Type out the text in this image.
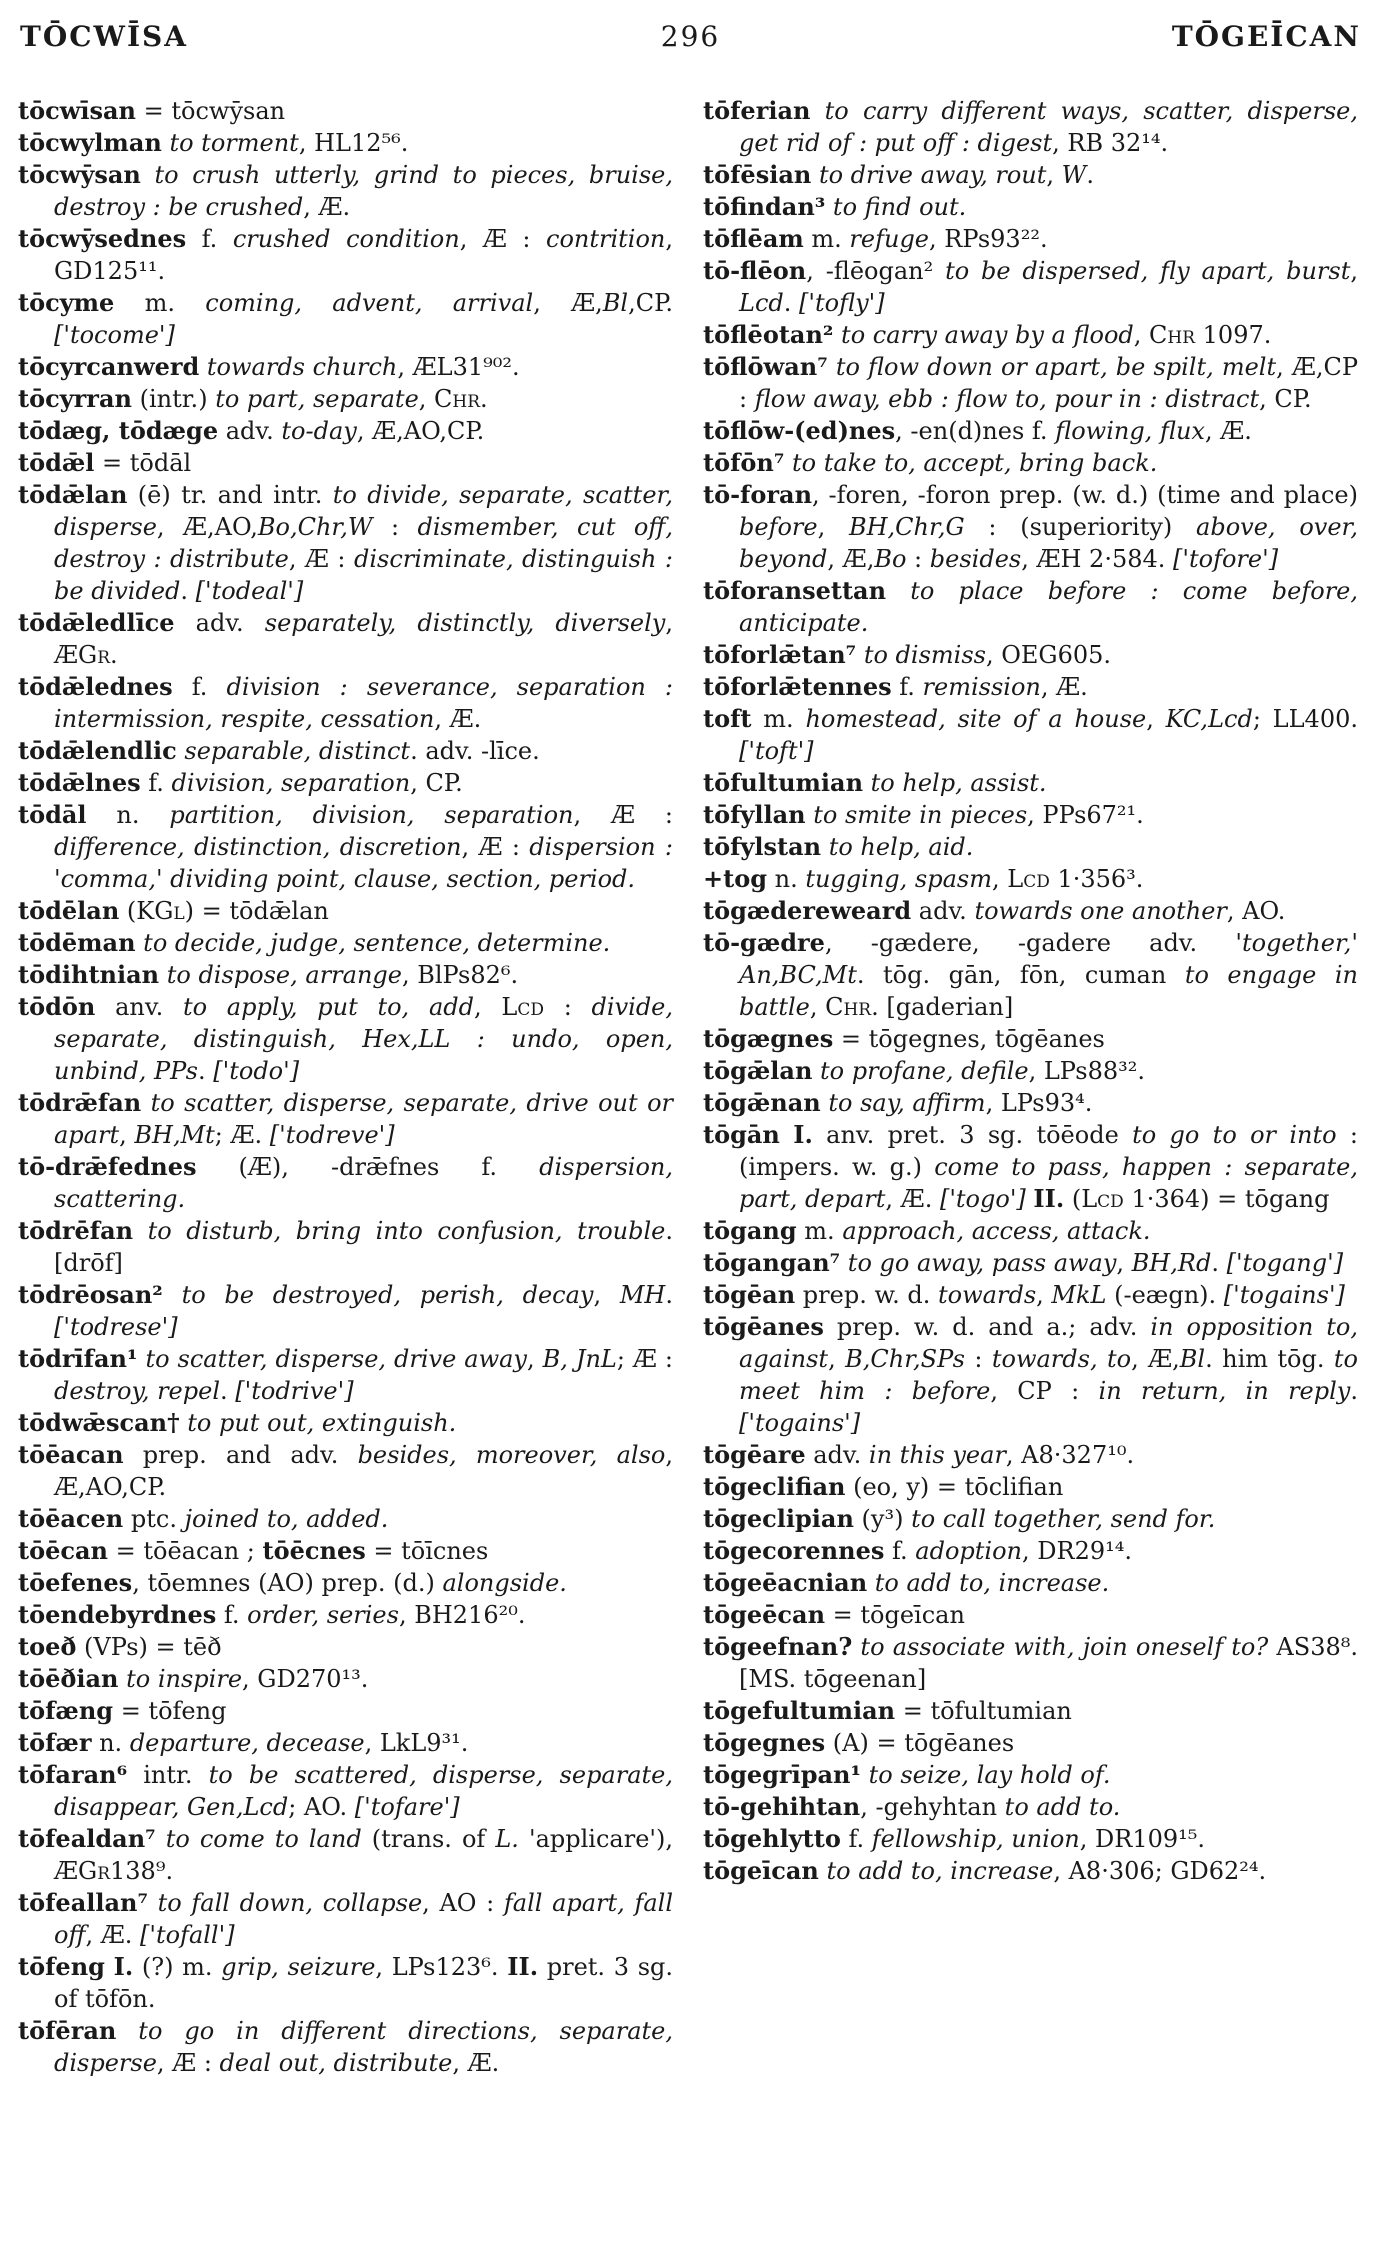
TŌCWĪSA	296	TŌGEĪCAN
tōcwīsan = tōcwȳsan
tōcwylman to torment, HL12⁵⁶.
tōcwȳsan to crush utterly, grind to pieces, bruise, destroy : be crushed, Æ.
tōcwȳsednes f. crushed condition, Æ : contrition, GD125¹¹.
tōcyme m. coming, advent, arrival, Æ,Bl,CP. ['tocome']
tōcyrcanwerd towards church, ÆL31⁹⁰².
tōcyrran (intr.) to part, separate, Chr.
tōdæg, tōdæge adv. to-day, Æ,AO,CP.
tōdǣl = tōdāl
tōdǣlan (ē) tr. and intr. to divide, separate, scatter, disperse, Æ,AO,Bo,Chr,W : dismember, cut off, destroy : distribute, Æ : discriminate, distinguish : be divided. ['todeal']
tōdǣledlīce adv. separately, distinctly, diversely, ÆGr.
tōdǣlednes f. division : severance, separation : intermission, respite, cessation, Æ.
tōdǣlendlic separable, distinct. adv. -līce.
tōdǣlnes f. division, separation, CP.
tōdāl n. partition, division, separation, Æ : difference, distinction, discretion, Æ : dispersion : 'comma,' dividing point, clause, section, period.
tōdēlan (KGl) = tōdǣlan
tōdēman to decide, judge, sentence, determine.
tōdihtnian to dispose, arrange, BlPs82⁶.
tōdōn anv. to apply, put to, add, Lcd : divide, separate, distinguish, Hex,LL : undo, open, unbind, PPs. ['todo']
tōdrǣfan to scatter, disperse, separate, drive out or apart, BH,Mt; Æ. ['todreve']
tō-drǣfednes (Æ), -drǣfnes f. dispersion, scattering.
tōdrēfan to disturb, bring into confusion, trouble. [drōf]
tōdrēosan² to be destroyed, perish, decay, MH. ['todrese']
tōdrīfan¹ to scatter, disperse, drive away, B, JnL; Æ : destroy, repel. ['todrive']
tōdwǣscan† to put out, extinguish.
tōēacan prep. and adv. besides, moreover, also, Æ,AO,CP.
tōēacen ptc. joined to, added.
tōēcan = tōēacan ; tōēcnes = tōīcnes
tōefenes, tōemnes (AO) prep. (d.) alongside.
tōendebyrdnes f. order, series, BH216²⁰.
toeð (VPs) = tēð
tōēðian to inspire, GD270¹³.
tōfæng = tōfeng
tōfær n. departure, decease, LkL9³¹.
tōfaran⁶ intr. to be scattered, disperse, separate, disappear, Gen,Lcd; AO. ['tofare']
tōfealdan⁷ to come to land (trans. of L. 'applicare'), ÆGr138⁹.
tōfeallan⁷ to fall down, collapse, AO : fall apart, fall off, Æ. ['tofall']
tōfeng I. (?) m. grip, seizure, LPs123⁶. II. pret. 3 sg. of tōfōn.
tōfēran to go in different directions, separate, disperse, Æ : deal out, distribute, Æ.
tōferian to carry different ways, scatter, disperse, get rid of : put off : digest, RB 32¹⁴.
tōfēsian to drive away, rout, W.
tōfindan³ to find out.
tōflēam m. refuge, RPs93²².
tō-flēon, -flēogan² to be dispersed, fly apart, burst, Lcd. ['tofly']
tōflēotan² to carry away by a flood, Chr 1097.
tōflōwan⁷ to flow down or apart, be spilt, melt, Æ,CP : flow away, ebb : flow to, pour in : distract, CP.
tōflōw-(ed)nes, -en(d)nes f. flowing, flux, Æ.
tōfōn⁷ to take to, accept, bring back.
tō-foran, -foren, -foron prep. (w. d.) (time and place) before, BH,Chr,G : (superiority) above, over, beyond, Æ,Bo : besides, ÆH 2·584. ['tofore']
tōforansettan to place before : come before, anticipate.
tōforlǣtan⁷ to dismiss, OEG605.
tōforlǣtennes f. remission, Æ.
toft m. homestead, site of a house, KC,Lcd; LL400. ['toft']
tōfultumian to help, assist.
tōfyllan to smite in pieces, PPs67²¹.
tōfylstan to help, aid.
+tog n. tugging, spasm, Lcd 1·356³.
tōgædereweard adv. towards one another, AO.
tō-gædre, -gædere, -gadere adv. 'together,' An,BC,Mt. tōg. gān, fōn, cuman to engage in battle, Chr. [gaderian]
tōgægnes = tōgegnes, tōgēanes
tōgǣlan to profane, defile, LPs88³².
tōgǣnan to say, affirm, LPs93⁴.
tōgān I. anv. pret. 3 sg. tōēode to go to or into : (impers. w. g.) come to pass, happen : separate, part, depart, Æ. ['togo'] II. (Lcd 1·364) = tōgang
tōgang m. approach, access, attack.
tōgangan⁷ to go away, pass away, BH,Rd. ['togang']
tōgēan prep. w. d. towards, MkL (-eægn). ['togains']
tōgēanes prep. w. d. and a.; adv. in opposition to, against, B,Chr,SPs : towards, to, Æ,Bl. him tōg. to meet him : before, CP : in return, in reply. ['togains']
tōgēare adv. in this year, A8·327¹⁰.
tōgeclifian (eo, y) = tōclifian
tōgeclipian (y³) to call together, send for.
tōgecorennes f. adoption, DR29¹⁴.
tōgeēacnian to add to, increase.
tōgeēcan = tōgeīcan
tōgeefnan? to associate with, join oneself to? AS38⁸. [MS. tōgeenan]
tōgefultumian = tōfultumian
tōgegnes (A) = tōgēanes
tōgegrīpan¹ to seize, lay hold of.
tō-gehihtan, -gehyhtan to add to.
tōgehlytto f. fellowship, union, DR109¹⁵.
tōgeīcan to add to, increase, A8·306; GD62²⁴.
